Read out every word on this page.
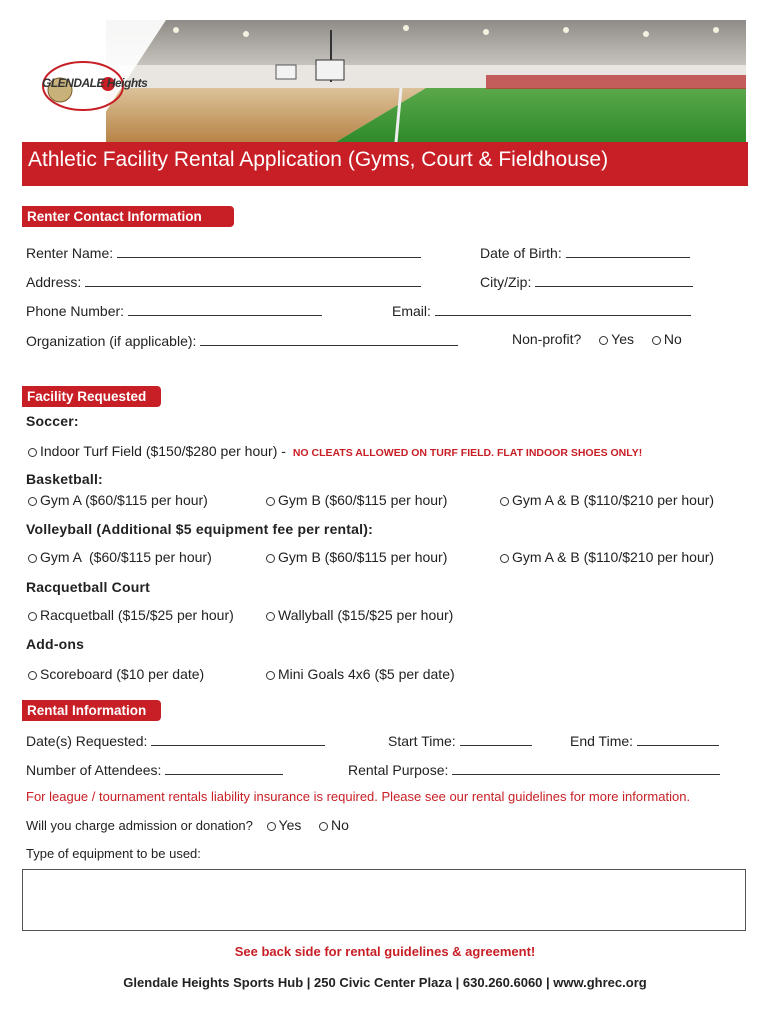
GLENDALE Heights
Athletic Facility Rental Application (Gyms, Court & Fieldhouse)
Renter Contact Information
Renter Name:	Date of Birth:
Address:	City/Zip:
Phone Number:	Email:
Organization (if applicable):	Non-profit? Yes No
Facility Requested
Soccer:
Indoor Turf Field ($150/$280 per hour) - NO CLEATS ALLOWED ON TURF FIELD. FLAT INDOOR SHOES ONLY!
Basketball:
Gym A ($60/$115 per hour)	Gym B ($60/$115 per hour)	Gym A & B ($110/$210 per hour)
Volleyball (Additional $5 equipment fee per rental):
Gym A  ($60/$115 per hour)	Gym B ($60/$115 per hour)	Gym A & B ($110/$210 per hour)
Racquetball Court
Racquetball ($15/$25 per hour)	Wallyball ($15/$25 per hour)
Add-ons
Scoreboard ($10 per date)	Mini Goals 4x6 ($5 per date)
Rental Information
Date(s) Requested:	Start Time:	End Time:
Number of Attendees:	Rental Purpose:
For league / tournament rentals liability insurance is required. Please see our rental guidelines for more information.
Will you charge admission or donation? Yes No
Type of equipment to be used:
See back side for rental guidelines & agreement!
Glendale Heights Sports Hub | 250 Civic Center Plaza | 630.260.6060 | www.ghrec.org
